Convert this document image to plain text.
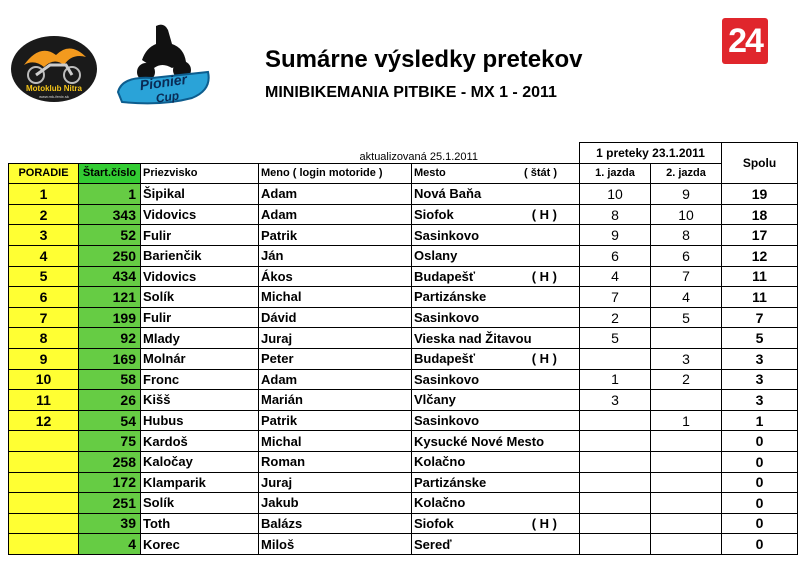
Motoklub Nitra
www.mk-fenix.sk
Pionier
Cup
24
Sumárne výsledky pretekov
MINIBIKEMANIA PITBIKE - MX 1 - 2011
			aktualizovaná 25.1.2011		1 preteky 23.1.2011		Spolu
PORADIE	Štart.číslo	Priezvisko	Meno ( login motoride )	Mesto ( štát )	1. jazda	2. jazda	
1	1	Šipikal	Adam	Nová Baňa	10	9	19
2	343	Vidovics	Adam	Siofok ( H )	8	10	18
3	52	Fulir	Patrik	Sasinkovo	9	8	17
4	250	Barienčik	Ján	Oslany	6	6	12
5	434	Vidovics	Ákos	Budapešť ( H )	4	7	11
6	121	Solík	Michal	Partizánske	7	4	11
7	199	Fulir	Dávid	Sasinkovo	2	5	7
8	92	Mlady	Juraj	Vieska nad Žitavou	5		5
9	169	Molnár	Peter	Budapešť ( H )		3	3
10	58	Fronc	Adam	Sasinkovo	1	2	3
11	26	Kišš	Marián	Vlčany	3		3
12	54	Hubus	Patrik	Sasinkovo		1	1
	75	Kardoš	Michal	Kysucké Nové Mesto			0
	258	Kaločay	Roman	Kolačno			0
	172	Klamparik	Juraj	Partizánske			0
	251	Solík	Jakub	Kolačno			0
	39	Toth	Balázs	Siofok ( H )			0
	4	Korec	Miloš	Sereď			0
